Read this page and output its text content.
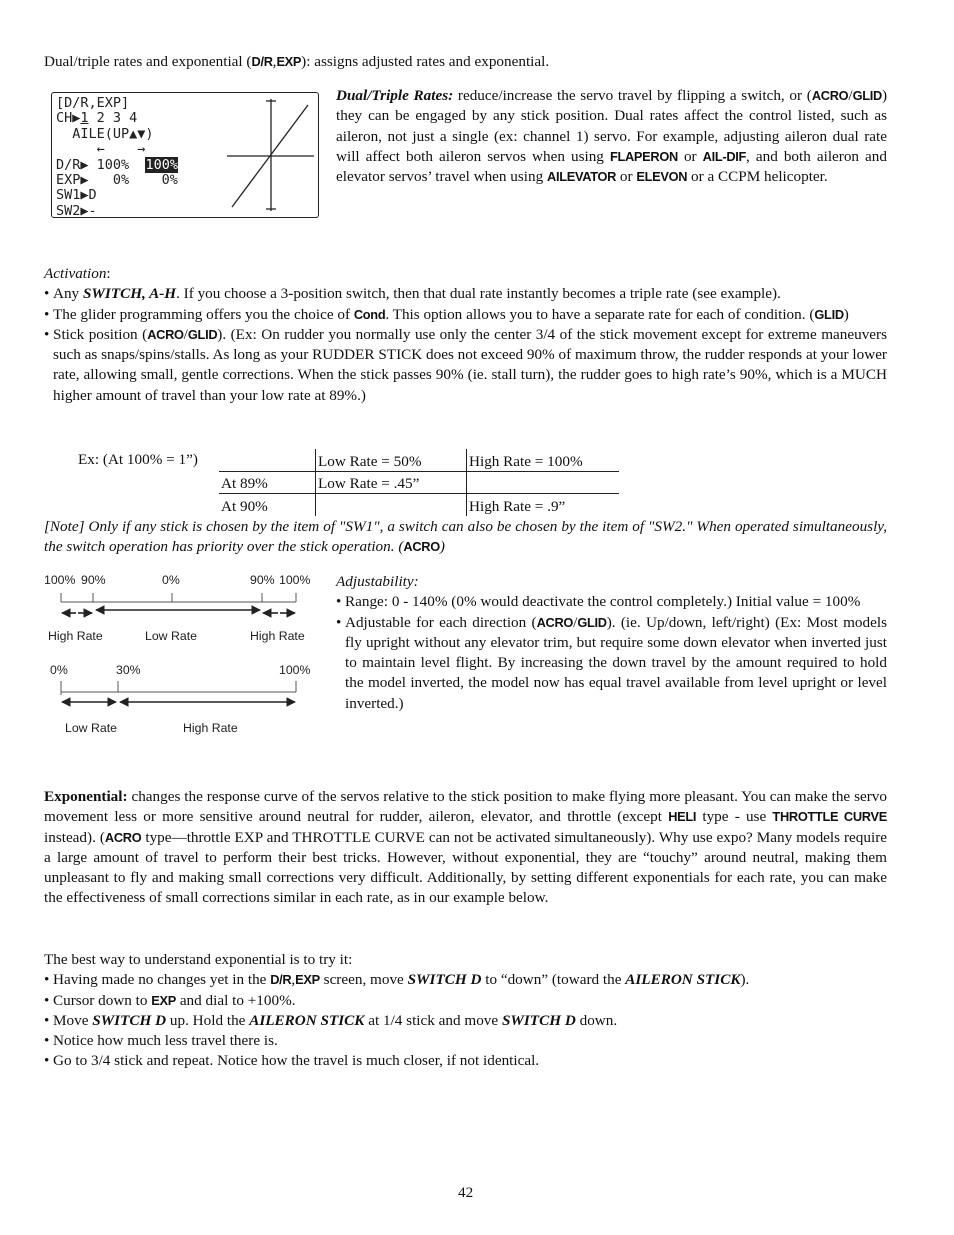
Dual/triple rates and exponential (D/R,EXP): assigns adjusted rates and exponential.

[D/R,EXP]
CH▶1 2 3 4
AILE(UP▲▼)
←    →
D/R▶ 100%  100%
EXP▶   0%    0%
SW1▶D
SW2▶-

Dual/Triple Rates: reduce/increase the servo travel by flipping a switch, or (ACRO/GLID) they can be engaged by any stick position. Dual rates affect the control listed, such as aileron, not just a single (ex: channel 1) servo. For example, adjusting aileron dual rate will affect both aileron servos when using FLAPERON or AIL-DIF, and both aileron and elevator servos’ travel when using AILEVATOR or ELEVON or a CCPM helicopter.

Activation:

• Any SWITCH, A-H. If you choose a 3-position switch, then that dual rate instantly becomes a triple rate (see example).

• The glider programming offers you the choice of Cond. This option allows you to have a separate rate for each of condition. (GLID)

• Stick position (ACRO/GLID). (Ex: On rudder you normally use only the center 3/4 of the stick movement except for extreme maneuvers such as snaps/spins/stalls. As long as your RUDDER STICK does not exceed 90% of maximum throw, the rudder responds at your lower rate, allowing small, gentle corrections. When the stick passes 90% (ie. stall turn), the rudder goes to high rate’s 90%, which is a MUCH higher amount of travel than your low rate at 89%.)

Ex: (At 100% = 1”)

		Low Rate = 50%	High Rate = 100%
At 89%	Low Rate = .45”	
At 90%		High Rate = .9”

[Note] Only if any stick is chosen by the item of "SW1", a switch can also be chosen by the item of "SW2." When operated simultaneously, the switch operation has priority over the stick operation. (ACRO)

100% 90%	0%	90% 100%
High Rate	Low Rate	High Rate
0%	30%	100%
Low Rate	High Rate

Adjustability:

• Range: 0 - 140% (0% would deactivate the control completely.) Initial value = 100%

• Adjustable for each direction (ACRO/GLID). (ie. Up/down, left/right) (Ex: Most models fly upright without any elevator trim, but require some down elevator when inverted just to maintain level flight. By increasing the down travel by the amount required to hold the model inverted, the model now has equal travel available from level upright or level inverted.)

Exponential: changes the response curve of the servos relative to the stick position to make flying more pleasant. You can make the servo movement less or more sensitive around neutral for rudder, aileron, elevator, and throttle (except HELI type - use THROTTLE CURVE instead). (ACRO type—throttle EXP and THROTTLE CURVE can not be activated simultaneously). Why use expo? Many models require a large amount of travel to perform their best tricks. However, without exponential, they are “touchy” around neutral, making them unpleasant to fly and making small corrections very difficult. Additionally, by setting different exponentials for each rate, you can make the effectiveness of small corrections similar in each rate, as in our example below.

The best way to understand exponential is to try it:

• Having made no changes yet in the D/R,EXP screen, move SWITCH D to “down” (toward the AILERON STICK).

• Cursor down to EXP and dial to +100%.

• Move SWITCH D up. Hold the AILERON STICK at 1/4 stick and move SWITCH D down.

• Notice how much less travel there is.

• Go to 3/4 stick and repeat. Notice how the travel is much closer, if not identical.

42
